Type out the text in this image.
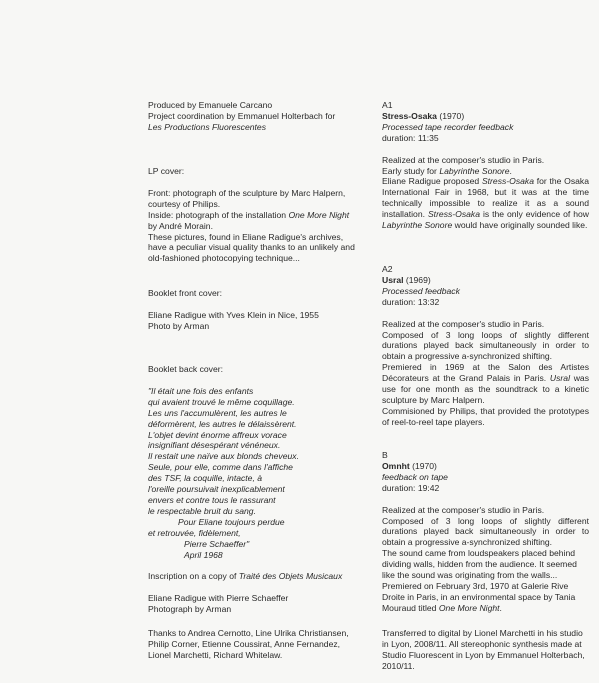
Produced by Emanuele Carcano

Project coordination by Emmanuel Holterbach for

Les Productions Fluorescentes

LP cover:

Front: photograph of the sculpture by Marc Halpern, courtesy of Philips.

Inside: photograph of the installation One More Night by André Morain.

These pictures, found in Eliane Radigue's archives, have a peculiar visual quality thanks to an unlikely and old-fashioned photocopying technique...

Booklet front cover:

Eliane Radigue with Yves Klein in Nice, 1955

Photo by Arman

Booklet back cover:

"Il était une fois des enfants

qui avaient trouvé le même coquillage.

Les uns l'accumulèrent, les autres le

déformèrent, les autres le délaissèrent.

L'objet devint énorme affreux vorace

insignifiant désespérant vénéneux.

Il restait une naïve aux blonds cheveux.

Seule, pour elle, comme dans l'affiche

des TSF, la coquille, intacte, à

l'oreille poursuivait inexplicablement

envers et contre tous le rassurant

le respectable bruit du sang.

Pour Eliane toujours perdue

et retrouvée, fidèlement,

Pierre Schaeffer"

April 1968

Inscription on a copy of Traité des Objets Musicaux

Eliane Radigue with Pierre Schaeffer

Photograph by Arman

Thanks to Andrea Cernotto, Line Ulrika Christiansen, Philip Corner, Etienne Coussirat, Anne Fernandez, Lionel Marchetti, Richard Whitelaw.

A1

Stress-Osaka (1970)

Processed tape recorder feedback

duration: 11:35

Realized at the composer's studio in Paris.

Early study for Labyrinthe Sonore.

Eliane Radigue proposed Stress-Osaka for the Osaka International Fair in 1968, but it was at the time technically impossible to realize it as a sound installation. Stress-Osaka is the only evidence of how Labyrinthe Sonore would have originally sounded like.

A2

Usral (1969)

Processed feedback

duration: 13:32

Realized at the composer's studio in Paris.

Composed of 3 long loops of slightly different durations played back simultaneously in order to obtain a progressive a-synchronized shifting.

Premiered in 1969 at the Salon des Artistes Décorateurs at the Grand Palais in Paris. Usral was use for one month as the soundtrack to a kinetic sculpture by Marc Halpern.

Commisioned by Philips, that provided the prototypes of reel-to-reel tape players.

B

Omnht (1970)

feedback on tape

duration: 19:42

Realized at the composer's studio in Paris.

Composed of 3 long loops of slightly different durations played back simultaneously in order to obtain a progressive a-synchronized shifting.

The sound came from loudspeakers placed behind dividing walls, hidden from the audience. It seemed like the sound was originating from the walls...

Premiered on February 3rd, 1970 at Galerie Rive Droite in Paris, in an environmental space by Tania Mouraud titled One More Night.

Transferred to digital by Lionel Marchetti in his studio in Lyon, 2008/11. All stereophonic synthesis made at Studio Fluorescent in Lyon by Emmanuel Holterbach, 2010/11.
